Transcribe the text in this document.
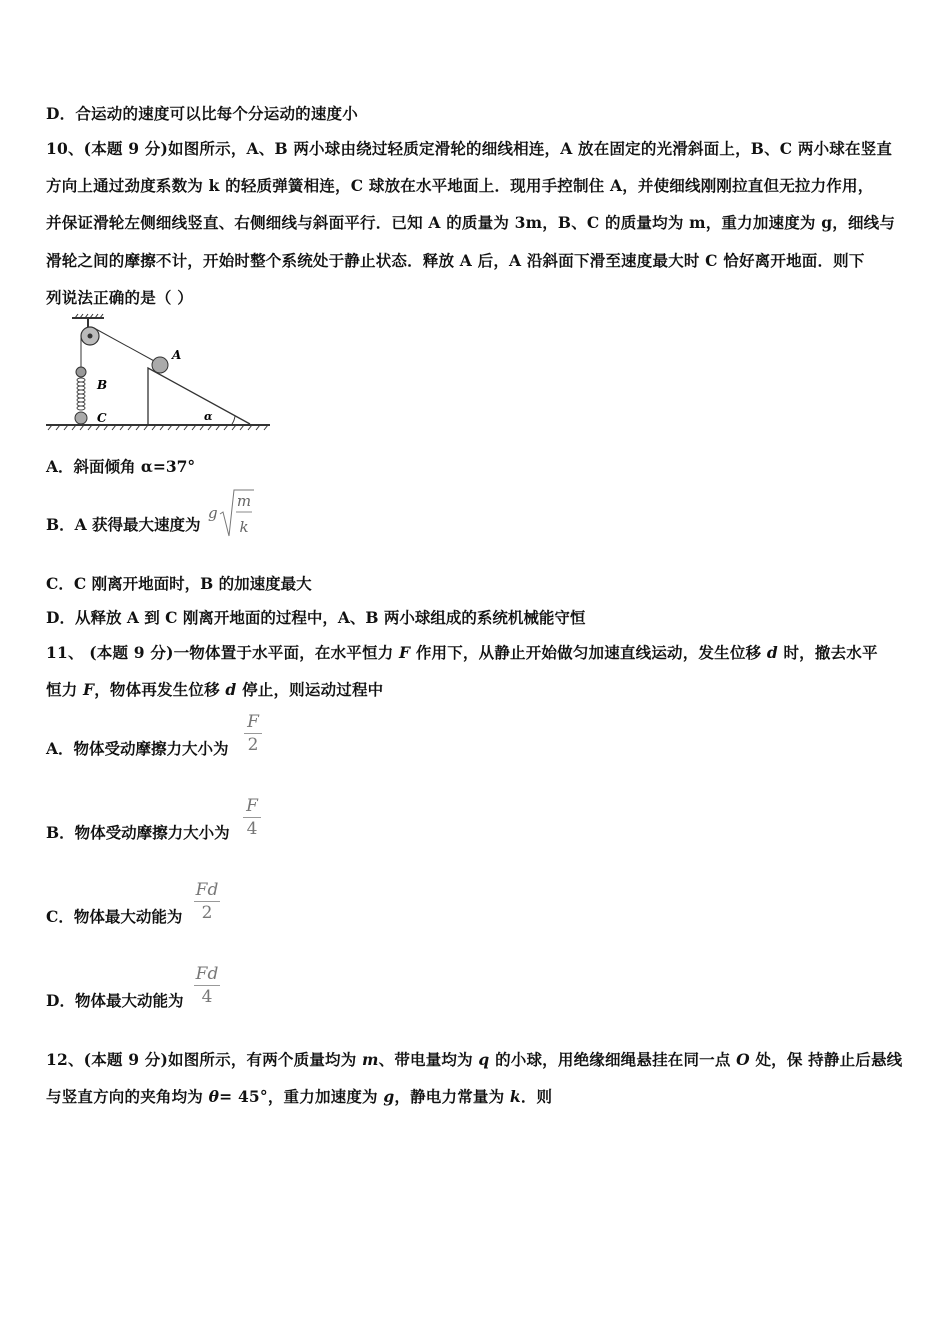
D．合运动的速度可以比每个分运动的速度小
10、(本题 9 分)如图所示，A、B 两小球由绕过轻质定滑轮的细线相连，A 放在固定的光滑斜面上，B、C 两小球在竖直
方向上通过劲度系数为 k 的轻质弹簧相连，C 球放在水平地面上．现用手控制住 A，并使细线刚刚拉直但无拉力作用，
并保证滑轮左侧细线竖直、右侧细线与斜面平行．已知 A 的质量为 3m，B、C 的质量均为 m，重力加速度为 g，细线与
滑轮之间的摩擦不计，开始时整个系统处于静止状态．释放 A 后，A 沿斜面下滑至速度最大时 C 恰好离开地面．则下
列说法正确的是（ ）
A
B
C	α
A．斜面倾角 α=37°
B．A 获得最大速度为
g
m
k
C．C 刚离开地面时，B 的加速度最大
D．从释放 A 到 C 刚离开地面的过程中，A、B 两小球组成的系统机械能守恒
11、 (本题 9 分)一物体置于水平面，在水平恒力 F 作用下，从静止开始做匀加速直线运动，发生位移 d 时，撤去水平
恒力 F，物体再发生位移 d 停止，则运动过程中
A．物体受动摩擦力大小为
F
2
B．物体受动摩擦力大小为
F
4
C．物体最大动能为
Fd
2
D．物体最大动能为
Fd
4
12、(本题 9 分)如图所示，有两个质量均为 m、带电量均为 q 的小球，用绝缘细绳悬挂在同一点 O 处，保 持静止后悬线
与竖直方向的夹角均为 θ= 45°，重力加速度为 g，静电力常量为 k．则
